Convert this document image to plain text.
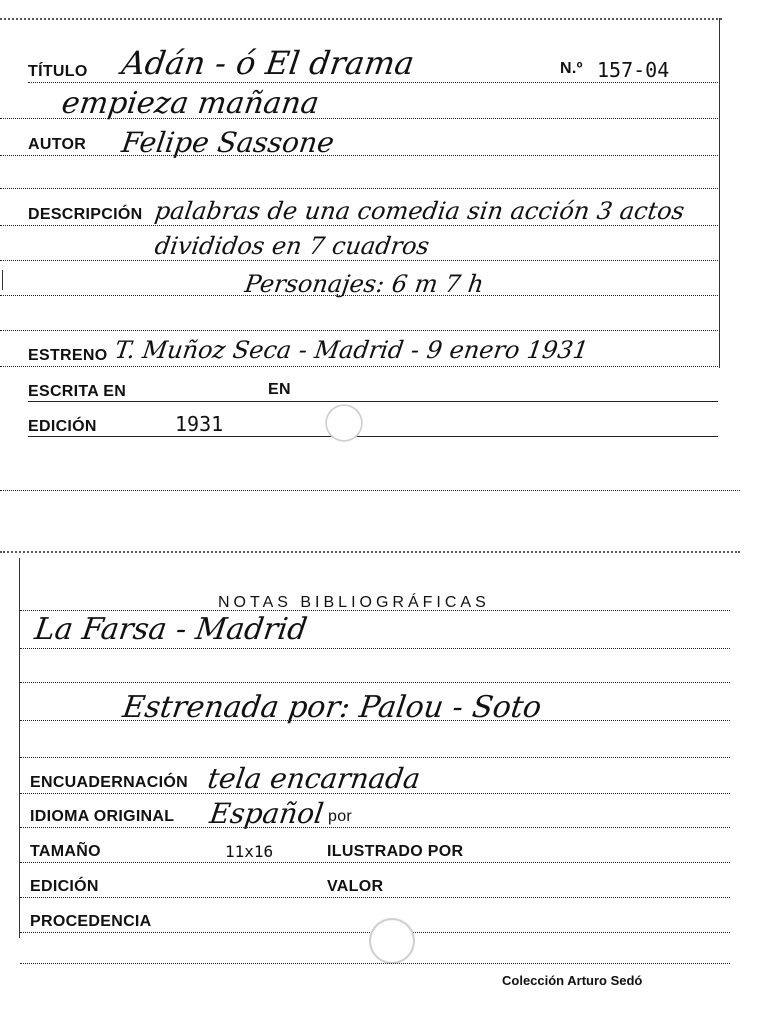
TÍTULO Adán - ó El drama	N.º 157-04
empieza mañana
AUTOR Felipe Sassone
DESCRIPCIÓN palabras de una comedia sin acción 3 actos
divididos en 7 cuadros
Personajes: 6 m 7 h
ESTRENO T. Muñoz Seca - Madrid - 9 enero 1931
ESCRITA EN	EN
EDICIÓN	1931
NOTAS BIBLIOGRÁFICAS
La Farsa - Madrid
Estrenada por: Palou - Soto
ENCUADERNACIÓN tela encarnada
IDIOMA ORIGINAL Español por
TAMAÑO	11x16	ILUSTRADO POR
EDICIÓN	VALOR
PROCEDENCIA
Colección Arturo Sedó
